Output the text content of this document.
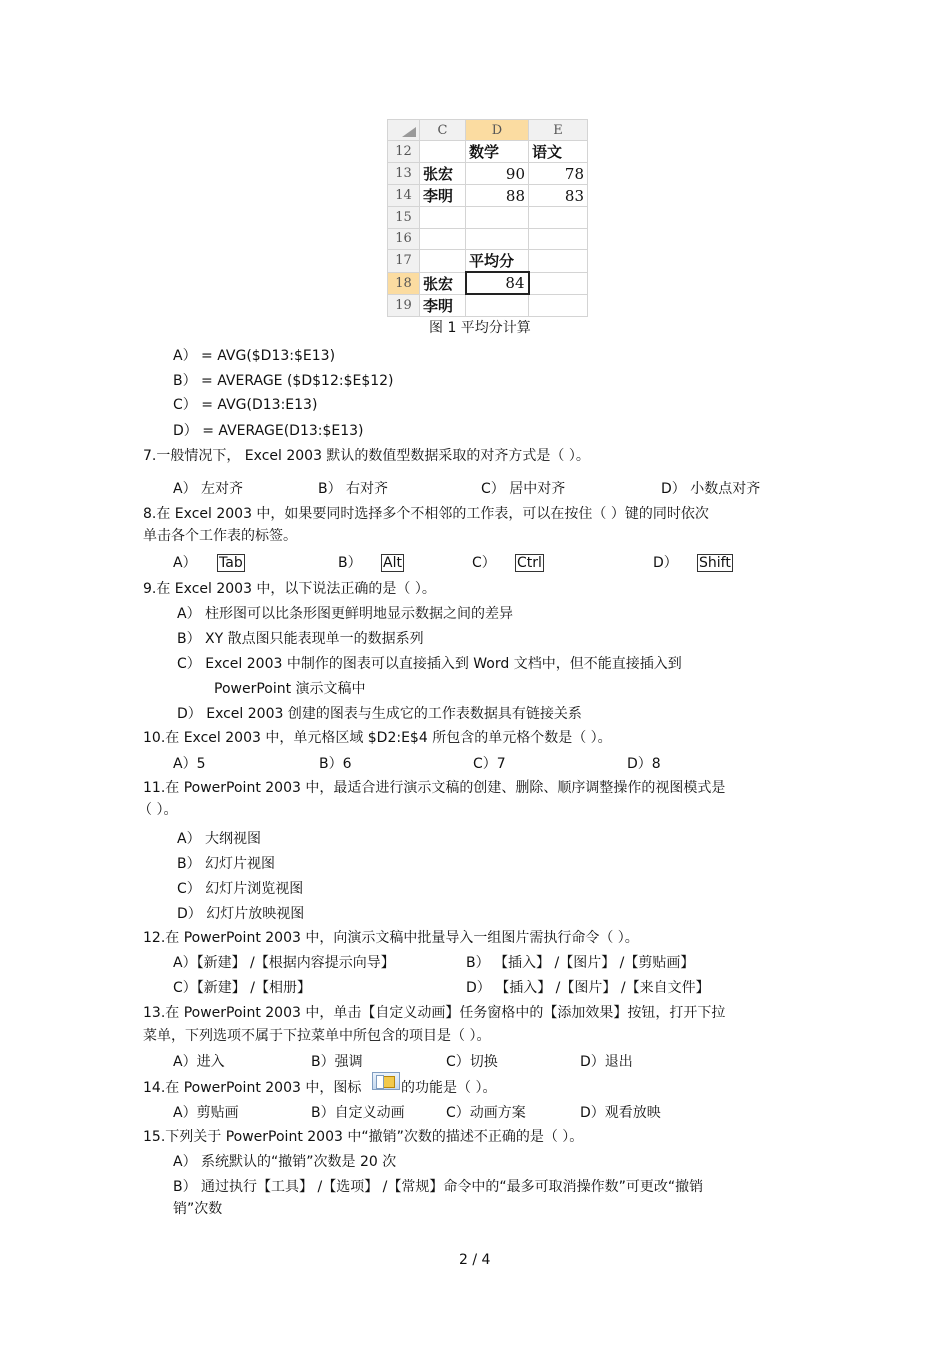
	C	D	E
12		数学	语文
13	张宏	90	78
14	李明	88	83
15			
16			
17		平均分	
18	张宏	84	
19	李明		
图 1 平均分计算
A） = AVG($D13:$E13)
B） = AVERAGE ($D$12:$E$12)
C） = AVG(D13:E13)
D） = AVERAGE(D13:$E13)
7.一般情况下， Excel 2003 默认的数值型数据采取的对齐方式是（ ）。
A） 左对齐	B） 右对齐	C） 居中对齐	D） 小数点对齐
8.在 Excel 2003 中，如果要同时选择多个不相邻的工作表，可以在按住（ ）键的同时依次
单击各个工作表的标签。
A） Tab	B） Alt	C） Ctrl	D） Shift
9.在 Excel 2003 中，以下说法正确的是（ ）。
A） 柱形图可以比条形图更鲜明地显示数据之间的差异
B） XY 散点图只能表现单一的数据系列
C） Excel 2003 中制作的图表可以直接插入到 Word 文档中，但不能直接插入到
PowerPoint 演示文稿中
D） Excel 2003 创建的图表与生成它的工作表数据具有链接关系
10.在 Excel 2003 中，单元格区域 $D2:E$4 所包含的单元格个数是（ ）。
A）5	B）6	C）7	D）8
11.在 PowerPoint 2003 中，最适合进行演示文稿的创建、删除、顺序调整操作的视图模式是
（ ）。
A） 大纲视图
B） 幻灯片视图
C） 幻灯片浏览视图
D） 幻灯片放映视图
12.在 PowerPoint 2003 中，向演示文稿中批量导入一组图片需执行命令（ ）。
A）【新建】 /【根据内容提示向导】	B） 【插入】 /【图片】 /【剪贴画】
C）【新建】 /【相册】	D） 【插入】 /【图片】 /【来自文件】
13.在 PowerPoint 2003 中，单击【自定义动画】任务窗格中的【添加效果】按钮，打开下拉
菜单，下列选项不属于下拉菜单中所包含的项目是（ ）。
A）进入	B）强调	C）切换	D）退出
14.在 PowerPoint 2003 中，图标	的功能是（ ）。
A）剪贴画	B）自定义动画	C）动画方案	D）观看放映
15.下列关于 PowerPoint 2003 中“撤销”次数的描述不正确的是（ ）。
A） 系统默认的“撤销”次数是 20 次
B） 通过执行【工具】 /【选项】 /【常规】命令中的“最多可取消操作数”可更改“撤销
销”次数
2 / 4
